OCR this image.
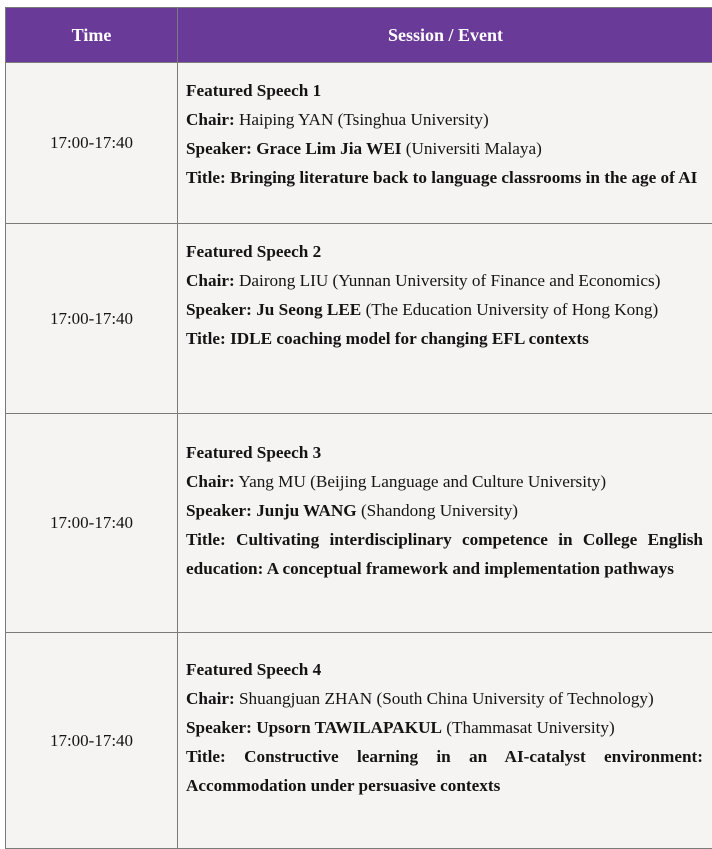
Time	Session / Event
17:00-17:40	Featured Speech 1

Chair: Haiping YAN (Tsinghua University)

Speaker: Grace Lim Jia WEI (Universiti Malaya)

Title: Bringing literature back to language classrooms in the age of AI

17:00-17:40	Featured Speech 2

Chair: Dairong LIU (Yunnan University of Finance and Economics)

Speaker: Ju Seong LEE (The Education University of Hong Kong)

Title: IDLE coaching model for changing EFL contexts

17:00-17:40	Featured Speech 3

Chair: Yang MU (Beijing Language and Culture University)

Speaker: Junju WANG (Shandong University)

Title: Cultivating interdisciplinary competence in College English education: A conceptual framework and implementation pathways

17:00-17:40	Featured Speech 4

Chair: Shuangjuan ZHAN (South China University of Technology)

Speaker: Upsorn TAWILAPAKUL (Thammasat University)

Title: Constructive learning in an AI-catalyst environment: Accommodation under persuasive contexts
